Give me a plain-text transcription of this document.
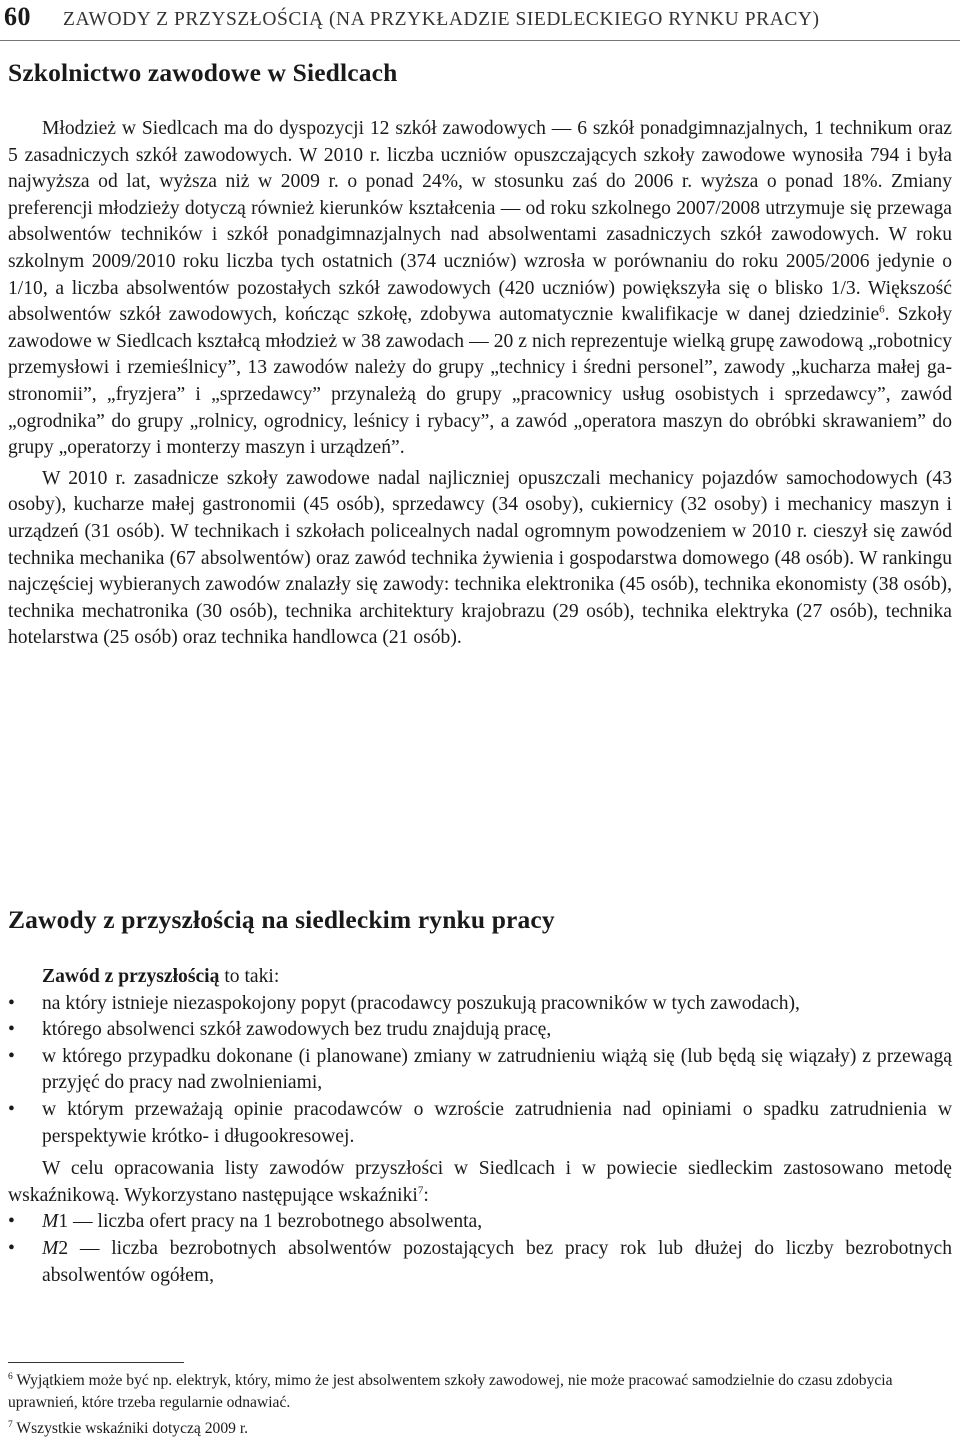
60 ZAWODY Z PRZYSZŁOŚCIĄ (NA PRZYKŁADZIE SIEDLECKIEGO RYNKU PRACY)
Szkolnictwo zawodowe w Siedlcach

Młodzież w Siedlcach ma do dyspozycji 12 szkół zawodowych — 6 szkół ponadgimnazjalnych, 1 technikum oraz 5 zasadniczych szkół zawodowych. W 2010 r. liczba uczniów opuszczających szkoły zawodowe wynosiła 794 i była najwyższa od lat, wyższa niż w 2009 r. o ponad 24%, w stosunku zaś do 2006 r. wyższa o ponad 18%. Zmiany preferencji młodzieży dotyczą również kierunków kształcenia — od roku szkolnego 2007/2008 utrzymuje się przewaga absolwentów techników i szkół ponadgimnazjalnych nad absolwentami zasadniczych szkół zawodowych. W roku szkolnym 2009/2010 roku liczba tych ostatnich (374 uczniów) wzrosła w porównaniu do roku 2005/2006 jedynie o 1/10, a liczba absolwentów pozostałych szkół zawodowych (420 uczniów) powiększyła się o blisko 1/3. Większość absolwentów szkół zawodowych, kończąc szkołę, zdobywa automatycznie kwalifikacje w danej dziedzinie$^6$. Szkoły zawodowe w Siedlcach kształcą młodzież w 38 zawodach — 20 z nich reprezentuje wielką grupę zawodową „robotnicy przemysłowi i rzemieślnicy”, 13 zawodów należy do grupy „technicy i średni personel”, zawody „kucharza małej gastronomii”, „fryzjera” i „sprzedawcy” przynależą do grupy „pracownicy usług osobistych i sprzedawcy”, zawód „ogrodnika” do grupy „rolnicy, ogrodnicy, leśnicy i rybacy”, a zawód „operatora maszyn do obróbki skrawaniem” do grupy „operatorzy i monterzy maszyn i urządzeń”.

W 2010 r. zasadnicze szkoły zawodowe nadal najliczniej opuszczali mechanicy pojazdów samochodowych (43 osoby), kucharze małej gastronomii (45 osób), sprzedawcy (34 osoby), cukiernicy (32 osoby) i mechanicy maszyn i urządzeń (31 osób). W technikach i szkołach policealnych nadal ogromnym powodzeniem w 2010 r. cieszył się zawód technika mechanika (67 absolwentów) oraz zawód technika żywienia i gospodarstwa domowego (48 osób). W rankingu najczęściej wybieranych zawodów znalazły się zawody: technika elektronika (45 osób), technika ekonomisty (38 osób), technika mechatronika (30 osób), technika architektury krajobrazu (29 osób), technika elektryka (27 osób), technika hotelarstwa (25 osób) oraz technika handlowca (21 osób).

Zawody z przyszłością na siedleckim rynku pracy

Zawód z przyszłością to taki:

•	na który istnieje niezaspokojony popyt (pracodawcy poszukują pracowników w tych zawodach),
•	którego absolwenci szkół zawodowych bez trudu znajdują pracę,
•	w którego przypadku dokonane (i planowane) zmiany w zatrudnieniu wiążą się (lub będą się wiązały) z przewagą przyjęć do pracy nad zwolnieniami,
•	w którym przeważają opinie pracodawców o wzroście zatrudnienia nad opiniami o spadku zatrudnienia w perspektywie krótko- i długookresowej.

W celu opracowania listy zawodów przyszłości w Siedlcach i w powiecie siedleckim zastosowano metodę wskaźnikową. Wykorzystano następujące wskaźniki$^7$:

•	M1 — liczba ofert pracy na 1 bezrobotnego absolwenta,
•	M2 — liczba bezrobotnych absolwentów pozostających bez pracy rok lub dłużej do liczby bezrobotnych absolwentów ogółem,

$^6$ Wyjątkiem może być np. elektryk, który, mimo że jest absolwentem szkoły zawodowej, nie może pracować samodzielnie do czasu zdobycia uprawnień, które trzeba regularnie odnawiać.

$^7$ Wszystkie wskaźniki dotyczą 2009 r.
